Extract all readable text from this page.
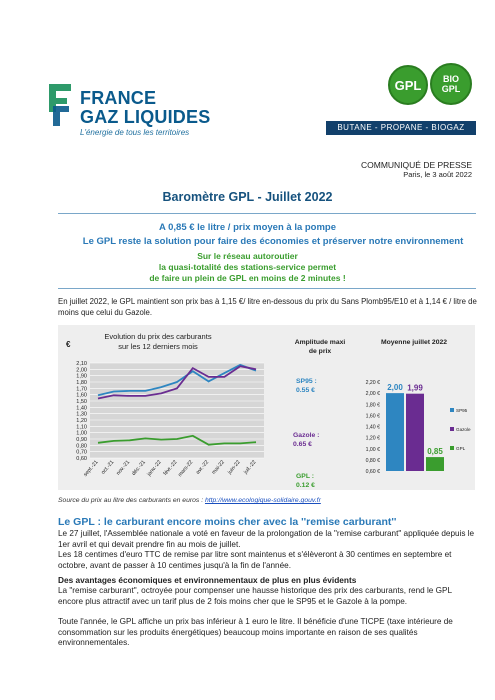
FRANCE
GAZ LIQUIDES
L'énergie de tous les territoires
GPL BIO
GPL
BUTANE - PROPANE - BIOGAZ
COMMUNIQUÉ DE PRESSE
Paris, le 3 août 2022
Baromètre GPL - Juillet 2022
A 0,85 € le litre / prix moyen à la pompe
Le GPL reste la solution pour faire des économies et préserver notre environnement
Sur le réseau autoroutier
la quasi-totalité des stations-service permet
de faire un plein de GPL en moins de 2 minutes !
En juillet 2022, le GPL maintient son prix bas à 1,15 €/ litre en-dessous du prix du Sans Plomb95/E10 et à 1,14 € / litre de moins que celui du Gazole.
Evolution du prix des carburants
sur les 12 derniers mois
€
2,10
2,00
1,90
1,80
1,70
1,60
1,50
1,40
1,30
1,20
1,10
1,00
0,90
0,80
0,70
0,60
sept.-21 oct.-21 nov.-21 déc.-21 janv.-22 févr.-22
mars-22 avr.-22 mai-22 juin-22 juil.-22
Amplitude maxi
de prix
SP95 :
0.55 €
Gazole :
0.65 €
GPL :
0.12 €
Moyenne juillet 2022
2,20 €
2,00 €
1,80 €
1,60 €
1,40 €
1,20 €
1,00 €
0,80 €
0,60 €
2,00 1,99
0,85
SP95
Gazole
GPL
Source du prix au litre des carburants en euros : http://www.ecologique-solidaire.gouv.fr
Le GPL : le carburant encore moins cher avec la ''remise carburant''
Le 27 juillet, l'Assemblée nationale a voté en faveur de la prolongation de la "remise carburant" appliquée depuis le 1er avril et qui devait prendre fin au mois de juillet.
Les 18 centimes d'euro TTC de remise par litre sont maintenus et s'élèveront à 30 centimes en septembre et octobre, avant de passer à 10 centimes jusqu'à la fin de l'année.
Des avantages économiques et environnementaux de plus en plus évidents
La "remise carburant", octroyée pour compenser une hausse historique des prix des carburants, rend le GPL encore plus attractif avec un tarif plus de 2 fois moins cher que le SP95 et le Gazole à la pompe.
Toute l'année, le GPL affiche un prix bas inférieur à 1 euro le litre. Il bénéficie d'une TICPE (taxe intérieure de consommation sur les produits énergétiques) beaucoup moins importante en raison de ses qualités environnementales.
